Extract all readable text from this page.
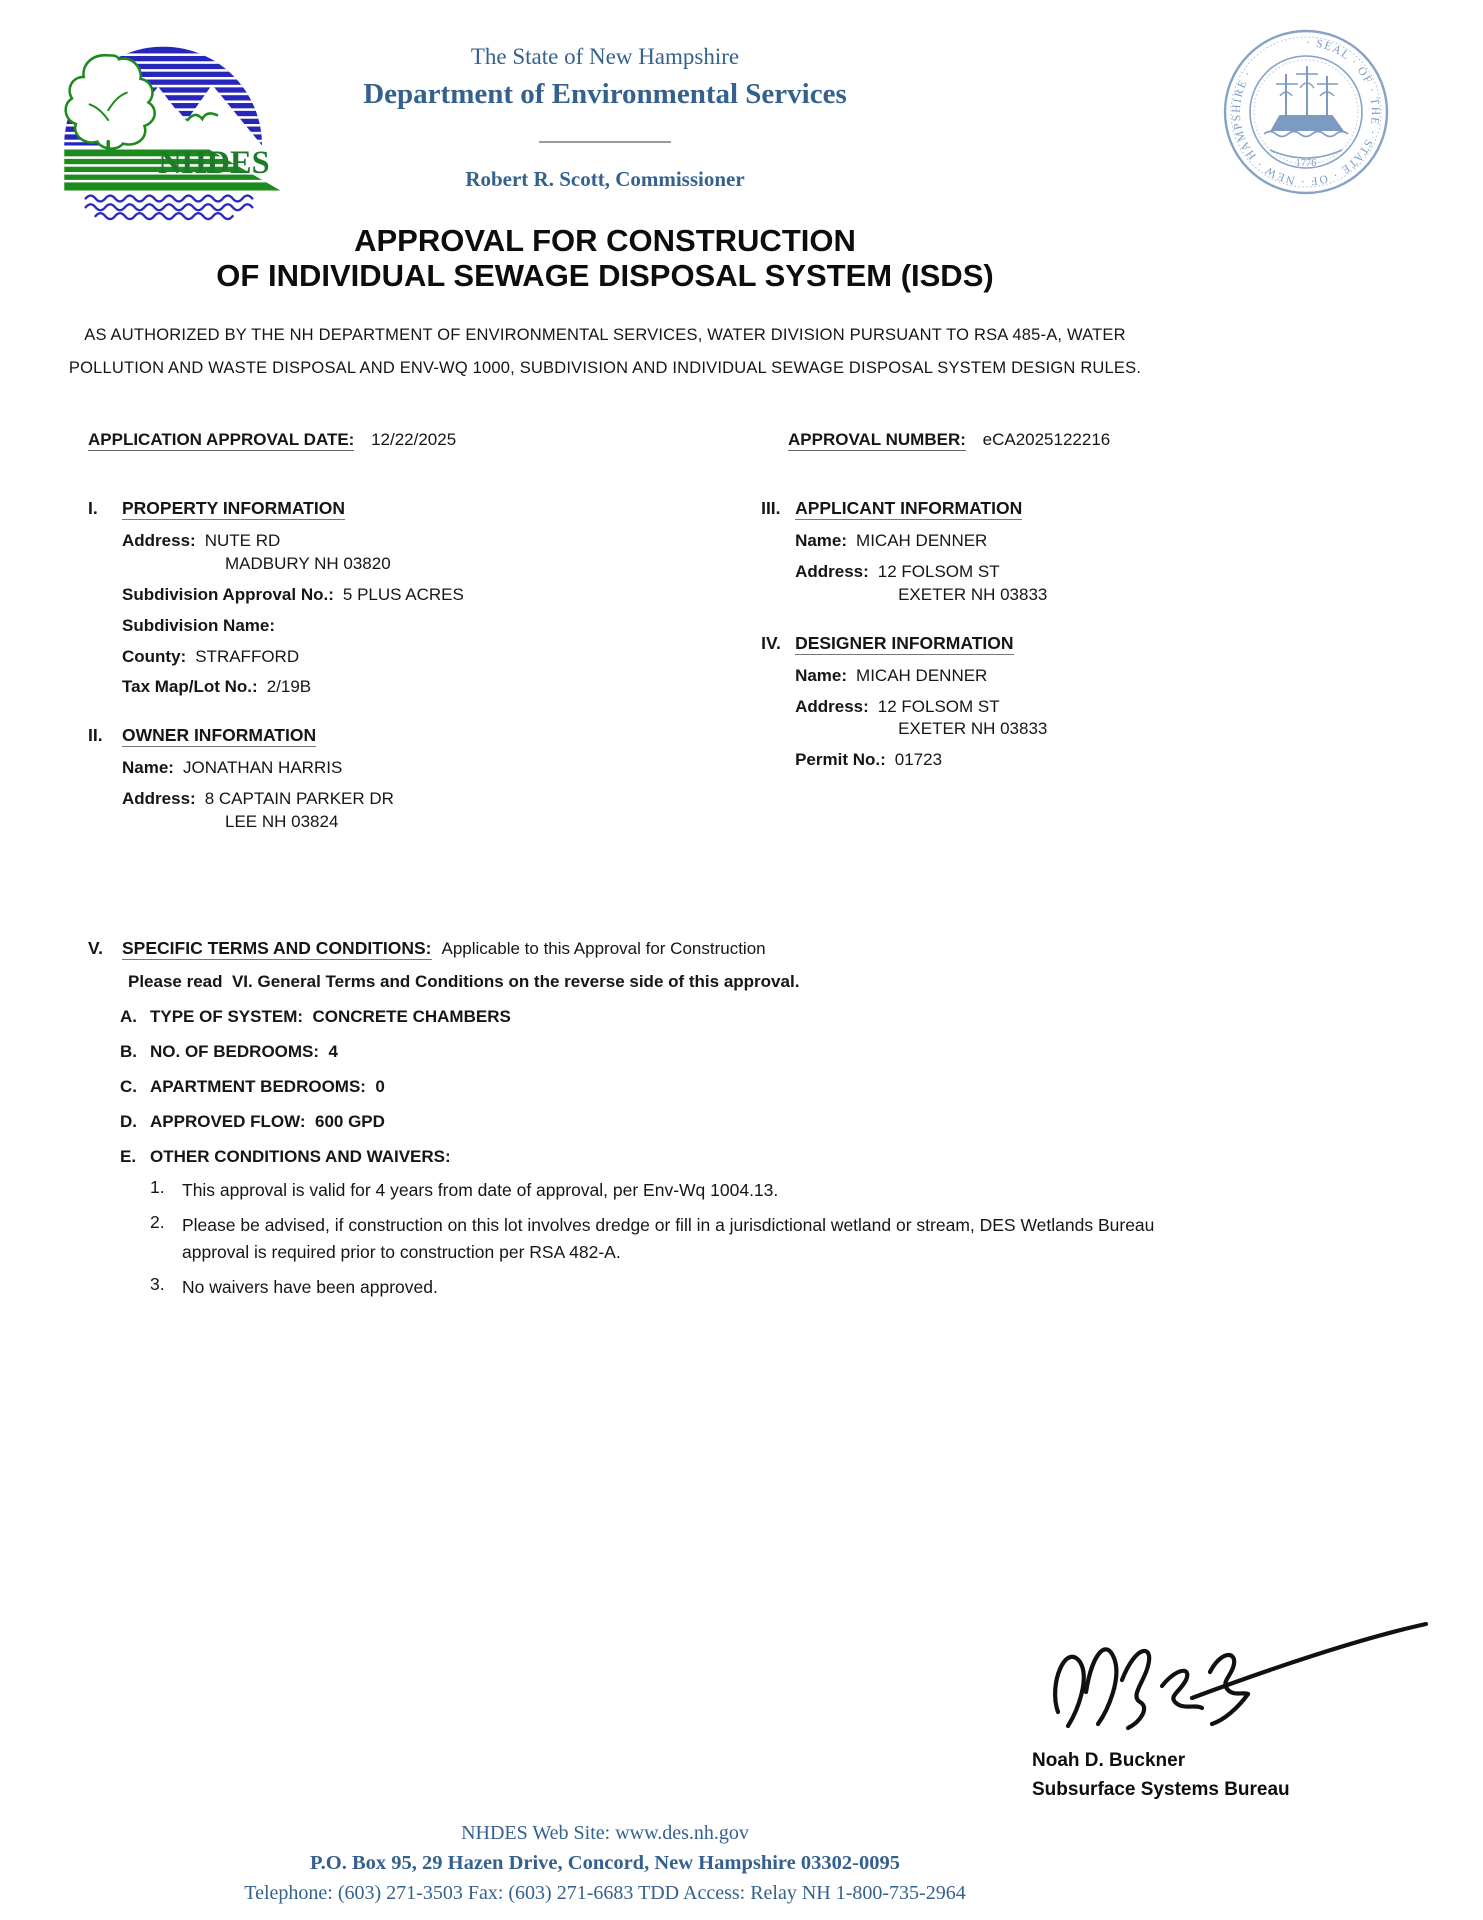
NHDES
· SEAL · OF · THE · STATE · OF · NEW · HAMPSHIRE ·
1776
The State of New Hampshire
Department of Environmental Services
Robert R. Scott, Commissioner
APPROVAL FOR CONSTRUCTION
OF INDIVIDUAL SEWAGE DISPOSAL SYSTEM (ISDS)
AS AUTHORIZED BY THE NH DEPARTMENT OF ENVIRONMENTAL SERVICES, WATER DIVISION PURSUANT TO RSA 485-A, WATER POLLUTION AND WASTE DISPOSAL AND ENV-WQ 1000, SUBDIVISION AND INDIVIDUAL SEWAGE DISPOSAL SYSTEM DESIGN RULES.
APPLICATION APPROVAL DATE: 12/22/2025	APPROVAL NUMBER: eCA2025122216
I. PROPERTY INFORMATION
Address: NUTE RD
MADBURY NH 03820
Subdivision Approval No.: 5 PLUS ACRES
Subdivision Name:
County: STRAFFORD
Tax Map/Lot No.: 2/19B
II. OWNER INFORMATION
Name: JONATHAN HARRIS
Address: 8 CAPTAIN PARKER DR
LEE NH 03824
III. APPLICANT INFORMATION
Name: MICAH DENNER
Address: 12 FOLSOM ST
EXETER NH 03833
IV. DESIGNER INFORMATION
Name: MICAH DENNER
Address: 12 FOLSOM ST
EXETER NH 03833
Permit No.: 01723
V. SPECIFIC TERMS AND CONDITIONS: Applicable to this Approval for Construction
Please read VI. General Terms and Conditions on the reverse side of this approval.
A. TYPE OF SYSTEM: CONCRETE CHAMBERS
B. NO. OF BEDROOMS: 4
C. APARTMENT BEDROOMS: 0
D. APPROVED FLOW: 600 GPD
E. OTHER CONDITIONS AND WAIVERS:
1. This approval is valid for 4 years from date of approval, per Env-Wq 1004.13.
2. Please be advised, if construction on this lot involves dredge or fill in a jurisdictional wetland or stream, DES Wetlands Bureau approval is required prior to construction per RSA 482-A.
3. No waivers have been approved.
Noah D. Buckner
Subsurface Systems Bureau
NHDES Web Site: www.des.nh.gov
P.O. Box 95, 29 Hazen Drive, Concord, New Hampshire 03302-0095
Telephone: (603) 271-3503 Fax: (603) 271-6683 TDD Access: Relay NH 1-800-735-2964
